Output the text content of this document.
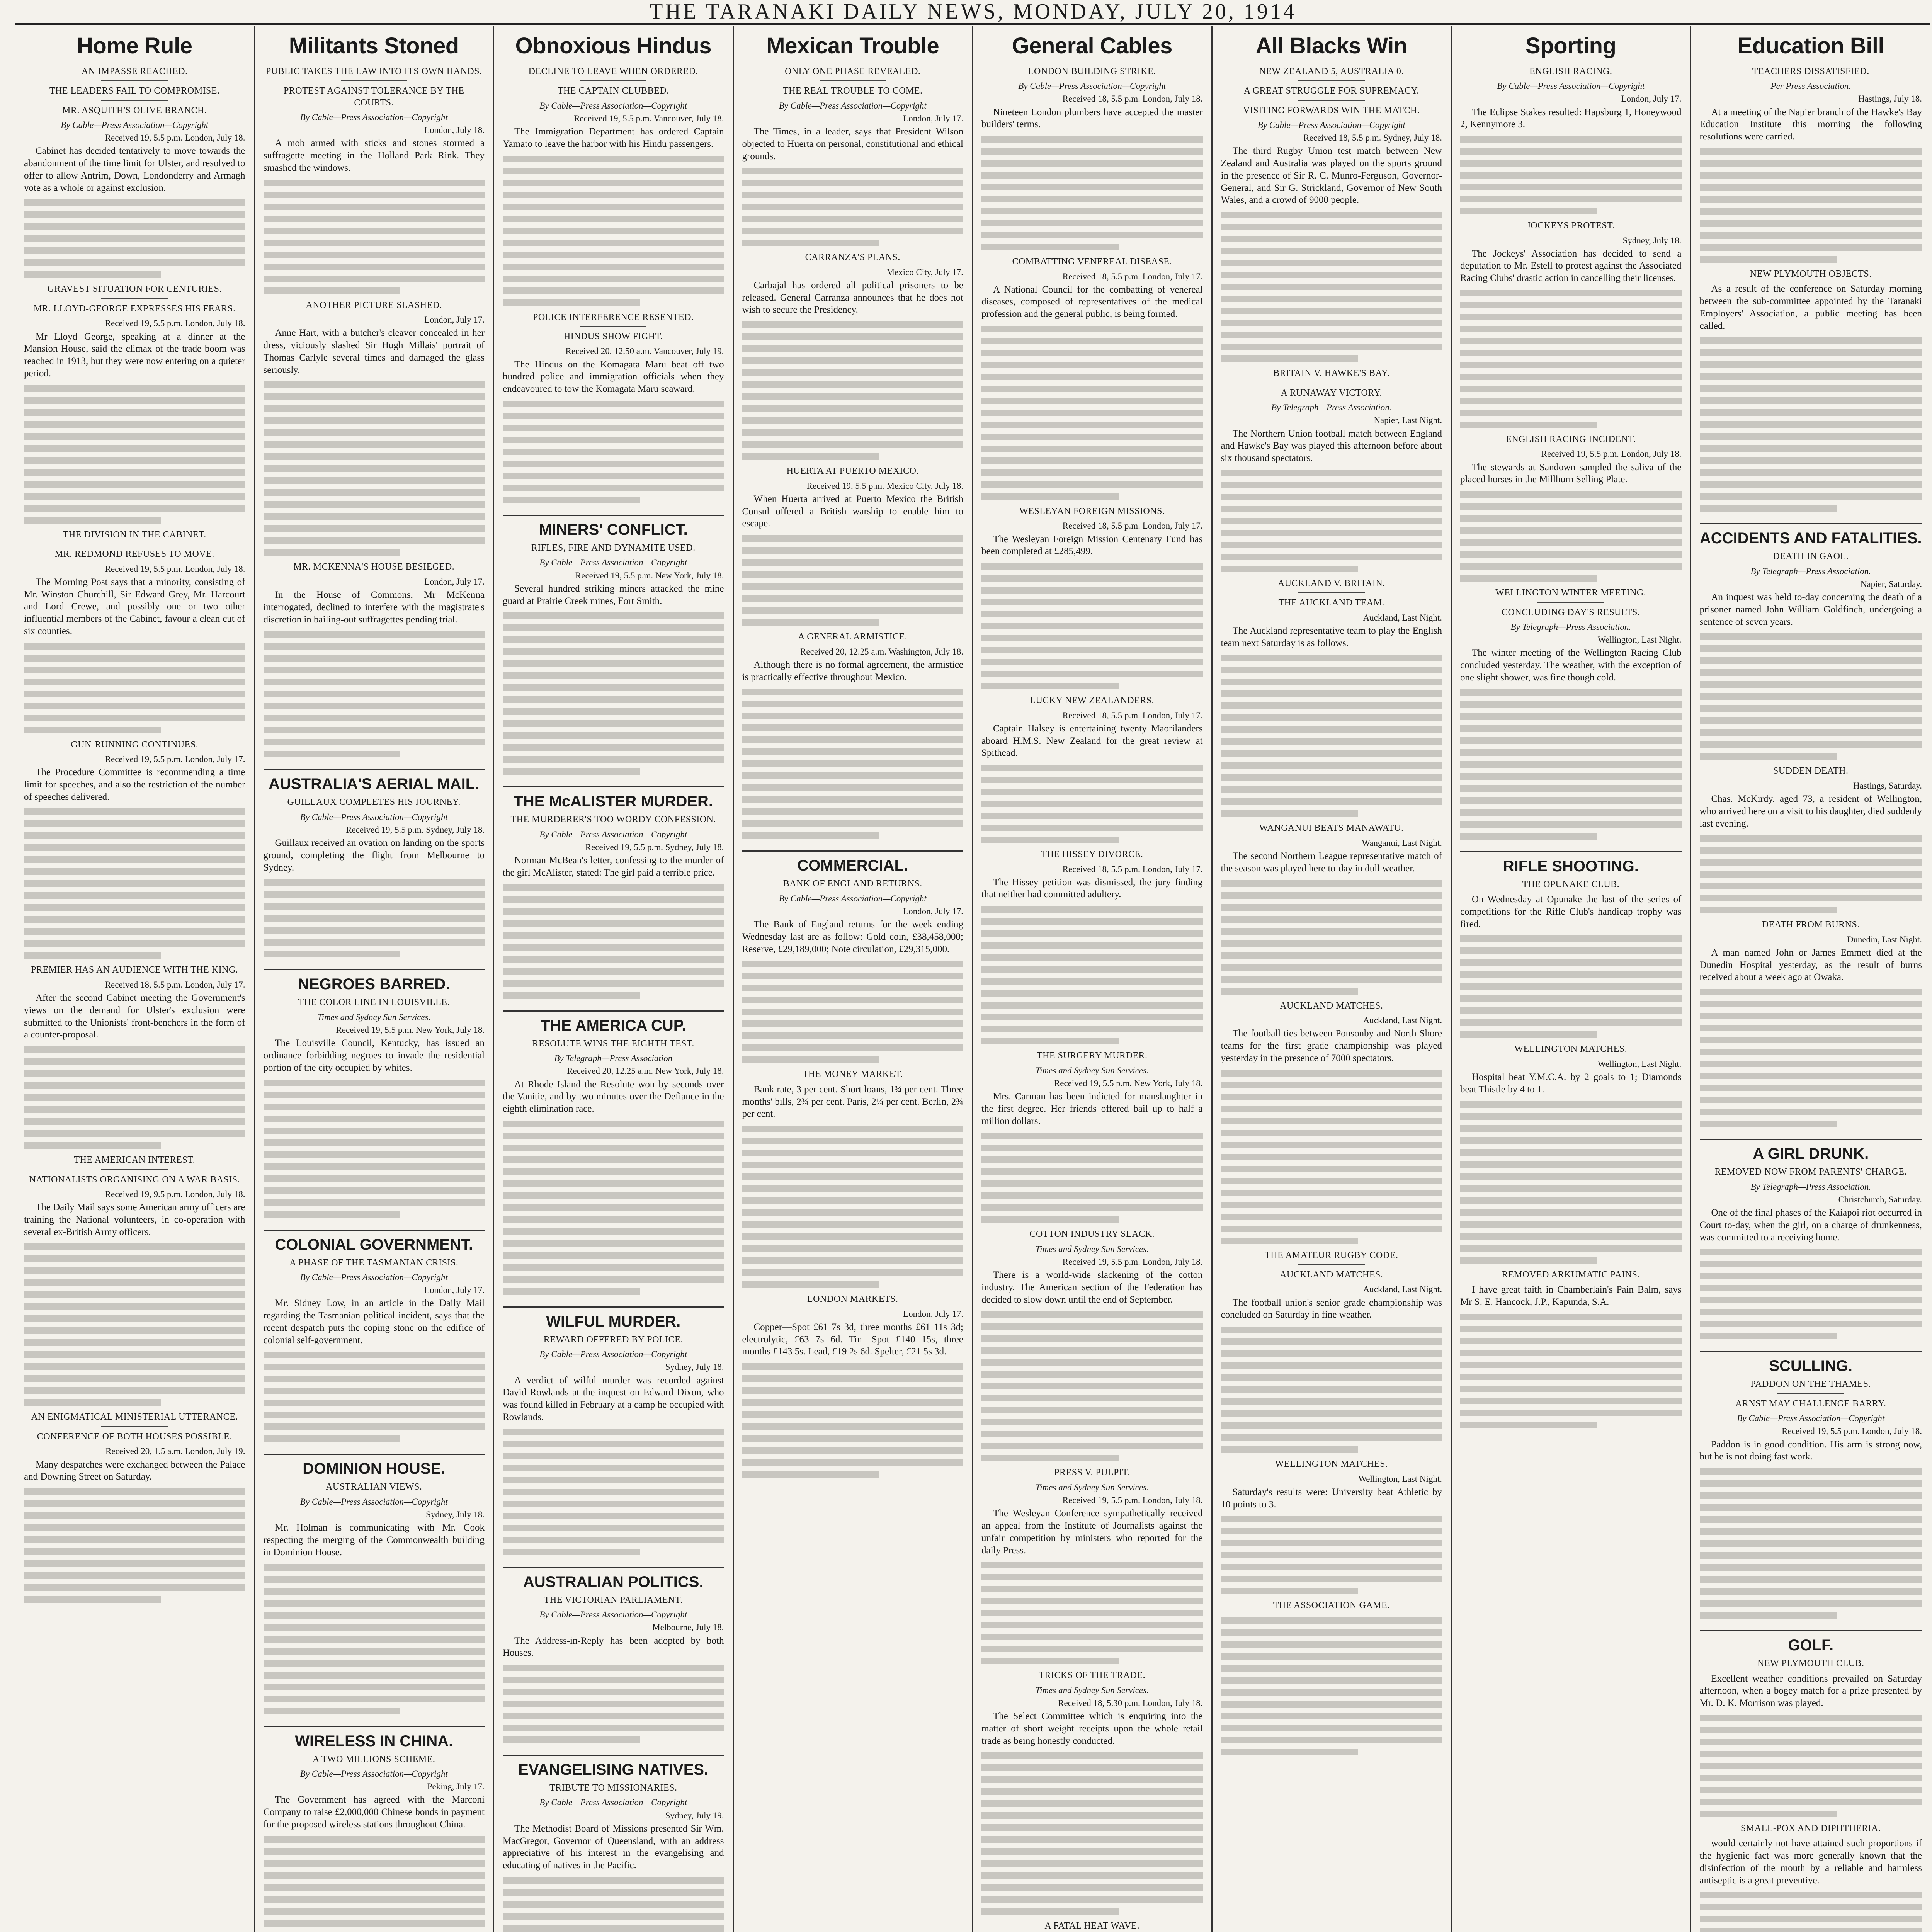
THE TARANAKI DAILY NEWS, MONDAY, JULY 20, 1914
Home Rule
AN IMPASSE REACHED.
THE LEADERS FAIL TO COMPROMISE.
MR. ASQUITH'S OLIVE BRANCH.
By Cable—Press Association—Copyright
Received 19, 5.5 p.m. London, July 18.
Cabinet has decided tentatively to move towards the abandonment of the time limit for Ulster, and resolved to offer to allow Antrim, Down, Londonderry and Armagh vote as a whole or against exclusion.
GRAVEST SITUATION FOR CENTURIES.
MR. LLOYD-GEORGE EXPRESSES HIS FEARS.
Received 19, 5.5 p.m. London, July 18.
Mr Lloyd George, speaking at a dinner at the Mansion House, said the climax of the trade boom was reached in 1913, but they were now entering on a quieter period.
THE DIVISION IN THE CABINET.
MR. REDMOND REFUSES TO MOVE.
Received 19, 5.5 p.m. London, July 18.
The Morning Post says that a minority, consisting of Mr. Winston Churchill, Sir Edward Grey, Mr. Harcourt and Lord Crewe, and possibly one or two other influential members of the Cabinet, favour a clean cut of six counties.
GUN-RUNNING CONTINUES.
Received 19, 5.5 p.m. London, July 17.
The Procedure Committee is recommending a time limit for speeches, and also the restriction of the number of speeches delivered.
PREMIER HAS AN AUDIENCE WITH THE KING.
Received 18, 5.5 p.m. London, July 17.
After the second Cabinet meeting the Government's views on the demand for Ulster's exclusion were submitted to the Unionists' front-benchers in the form of a counter-proposal.
THE AMERICAN INTEREST.
NATIONALISTS ORGANISING ON A WAR BASIS.
Received 19, 9.5 p.m. London, July 18.
The Daily Mail says some American army officers are training the National volunteers, in co-operation with several ex-British Army officers.
AN ENIGMATICAL MINISTERIAL UTTERANCE.
CONFERENCE OF BOTH HOUSES POSSIBLE.
Received 20, 1.5 a.m. London, July 19.
Many despatches were exchanged between the Palace and Downing Street on Saturday.
Militants Stoned
PUBLIC TAKES THE LAW INTO ITS OWN HANDS.
PROTEST AGAINST TOLERANCE BY THE COURTS.
By Cable—Press Association—Copyright
London, July 18.
A mob armed with sticks and stones stormed a suffragette meeting in the Holland Park Rink. They smashed the windows.
ANOTHER PICTURE SLASHED.
London, July 17.
Anne Hart, with a butcher's cleaver concealed in her dress, viciously slashed Sir Hugh Millais' portrait of Thomas Carlyle several times and damaged the glass seriously.
MR. MCKENNA'S HOUSE BESIEGED.
London, July 17.
In the House of Commons, Mr McKenna interrogated, declined to interfere with the magistrate's discretion in bailing-out suffragettes pending trial.
AUSTRALIA'S AERIAL MAIL.
GUILLAUX COMPLETES HIS JOURNEY.
By Cable—Press Association—Copyright
Received 19, 5.5 p.m. Sydney, July 18.
Guillaux received an ovation on landing on the sports ground, completing the flight from Melbourne to Sydney.
NEGROES BARRED.
THE COLOR LINE IN LOUISVILLE.
Times and Sydney Sun Services.
Received 19, 5.5 p.m. New York, July 18.
The Louisville Council, Kentucky, has issued an ordinance forbidding negroes to invade the residential portion of the city occupied by whites.
COLONIAL GOVERNMENT.
A PHASE OF THE TASMANIAN CRISIS.
By Cable—Press Association—Copyright
London, July 17.
Mr. Sidney Low, in an article in the Daily Mail regarding the Tasmanian political incident, says that the recent despatch puts the coping stone on the edifice of colonial self-government.
DOMINION HOUSE.
AUSTRALIAN VIEWS.
By Cable—Press Association—Copyright
Sydney, July 18.
Mr. Holman is communicating with Mr. Cook respecting the merging of the Commonwealth building in Dominion House.
WIRELESS IN CHINA.
A TWO MILLIONS SCHEME.
By Cable—Press Association—Copyright
Peking, July 17.
The Government has agreed with the Marconi Company to raise £2,000,000 Chinese bonds in payment for the proposed wireless stations throughout China.
Obnoxious Hindus
DECLINE TO LEAVE WHEN ORDERED.
THE CAPTAIN CLUBBED.
By Cable—Press Association—Copyright
Received 19, 5.5 p.m. Vancouver, July 18.
The Immigration Department has ordered Captain Yamato to leave the harbor with his Hindu passengers.
POLICE INTERFERENCE RESENTED.
HINDUS SHOW FIGHT.
Received 20, 12.50 a.m. Vancouver, July 19.
The Hindus on the Komagata Maru beat off two hundred police and immigration officials when they endeavoured to tow the Komagata Maru seaward.
MINERS' CONFLICT.
RIFLES, FIRE AND DYNAMITE USED.
By Cable—Press Association—Copyright
Received 19, 5.5 p.m. New York, July 18.
Several hundred striking miners attacked the mine guard at Prairie Creek mines, Fort Smith.
THE McALISTER MURDER.
THE MURDERER'S TOO WORDY CONFESSION.
By Cable—Press Association—Copyright
Received 19, 5.5 p.m. Sydney, July 18.
Norman McBean's letter, confessing to the murder of the girl McAlister, stated: The girl paid a terrible price.
THE AMERICA CUP.
RESOLUTE WINS THE EIGHTH TEST.
By Telegraph—Press Association
Received 20, 12.25 a.m. New York, July 18.
At Rhode Island the Resolute won by seconds over the Vanitie, and by two minutes over the Defiance in the eighth elimination race.
WILFUL MURDER.
REWARD OFFERED BY POLICE.
By Cable—Press Association—Copyright
Sydney, July 18.
A verdict of wilful murder was recorded against David Rowlands at the inquest on Edward Dixon, who was found killed in February at a camp he occupied with Rowlands.
AUSTRALIAN POLITICS.
THE VICTORIAN PARLIAMENT.
By Cable—Press Association—Copyright
Melbourne, July 18.
The Address-in-Reply has been adopted by both Houses.
EVANGELISING NATIVES.
TRIBUTE TO MISSIONARIES.
By Cable—Press Association—Copyright
Sydney, July 19.
The Methodist Board of Missions presented Sir Wm. MacGregor, Governor of Queensland, with an address appreciative of his interest in the evangelising and educating of natives in the Pacific.
Mexican Trouble
ONLY ONE PHASE REVEALED.
THE REAL TROUBLE TO COME.
By Cable—Press Association—Copyright
London, July 17.
The Times, in a leader, says that President Wilson objected to Huerta on personal, constitutional and ethical grounds.
CARRANZA'S PLANS.
Mexico City, July 17.
Carbajal has ordered all political prisoners to be released. General Carranza announces that he does not wish to secure the Presidency.
HUERTA AT PUERTO MEXICO.
Received 19, 5.5 p.m. Mexico City, July 18.
When Huerta arrived at Puerto Mexico the British Consul offered a British warship to enable him to escape.
A GENERAL ARMISTICE.
Received 20, 12.25 a.m. Washington, July 18.
Although there is no formal agreement, the armistice is practically effective throughout Mexico.
COMMERCIAL.
BANK OF ENGLAND RETURNS.
By Cable—Press Association—Copyright
London, July 17.
The Bank of England returns for the week ending Wednesday last are as follow: Gold coin, £38,458,000; Reserve, £29,189,000; Note circulation, £29,315,000.
THE MONEY MARKET.
Bank rate, 3 per cent. Short loans, 1¾ per cent. Three months' bills, 2¾ per cent. Paris, 2¼ per cent. Berlin, 2¾ per cent.
LONDON MARKETS.
London, July 17.
Copper—Spot £61 7s 3d, three months £61 11s 3d; electrolytic, £63 7s 6d. Tin—Spot £140 15s, three months £143 5s. Lead, £19 2s 6d. Spelter, £21 5s 3d.
General Cables
LONDON BUILDING STRIKE.
By Cable—Press Association—Copyright
Received 18, 5.5 p.m. London, July 18.
Nineteen London plumbers have accepted the master builders' terms.
COMBATTING VENEREAL DISEASE.
Received 18, 5.5 p.m. London, July 17.
A National Council for the combatting of venereal diseases, composed of representatives of the medical profession and the general public, is being formed.
WESLEYAN FOREIGN MISSIONS.
Received 18, 5.5 p.m. London, July 17.
The Wesleyan Foreign Mission Centenary Fund has been completed at £285,499.
LUCKY NEW ZEALANDERS.
Received 18, 5.5 p.m. London, July 17.
Captain Halsey is entertaining twenty Maorilanders aboard H.M.S. New Zealand for the great review at Spithead.
THE HISSEY DIVORCE.
Received 18, 5.5 p.m. London, July 17.
The Hissey petition was dismissed, the jury finding that neither had committed adultery.
THE SURGERY MURDER.
Times and Sydney Sun Services.
Received 19, 5.5 p.m. New York, July 18.
Mrs. Carman has been indicted for manslaughter in the first degree. Her friends offered bail up to half a million dollars.
COTTON INDUSTRY SLACK.
Times and Sydney Sun Services.
Received 19, 5.5 p.m. London, July 18.
There is a world-wide slackening of the cotton industry. The American section of the Federation has decided to slow down until the end of September.
PRESS V. PULPIT.
Times and Sydney Sun Services.
Received 19, 5.5 p.m. London, July 18.
The Wesleyan Conference sympathetically received an appeal from the Institute of Journalists against the unfair competition by ministers who reported for the daily Press.
TRICKS OF THE TRADE.
Times and Sydney Sun Services.
Received 18, 5.30 p.m. London, July 18.
The Select Committee which is enquiring into the matter of short weight receipts upon the whole retail trade as being honestly conducted.
A FATAL HEAT WAVE.
All Blacks Win
NEW ZEALAND 5, AUSTRALIA 0.
A GREAT STRUGGLE FOR SUPREMACY.
VISITING FORWARDS WIN THE MATCH.
By Cable—Press Association—Copyright
Received 18, 5.5 p.m. Sydney, July 18.
The third Rugby Union test match between New Zealand and Australia was played on the sports ground in the presence of Sir R. C. Munro-Ferguson, Governor-General, and Sir G. Strickland, Governor of New South Wales, and a crowd of 9000 people.
BRITAIN V. HAWKE'S BAY.
A RUNAWAY VICTORY.
By Telegraph—Press Association.
Napier, Last Night.
The Northern Union football match between England and Hawke's Bay was played this afternoon before about six thousand spectators.
AUCKLAND V. BRITAIN.
THE AUCKLAND TEAM.
Auckland, Last Night.
The Auckland representative team to play the English team next Saturday is as follows.
WANGANUI BEATS MANAWATU.
Wanganui, Last Night.
The second Northern League representative match of the season was played here to-day in dull weather.
AUCKLAND MATCHES.
Auckland, Last Night.
The football ties between Ponsonby and North Shore teams for the first grade championship was played yesterday in the presence of 7000 spectators.
THE AMATEUR RUGBY CODE.
AUCKLAND MATCHES.
Auckland, Last Night.
The football union's senior grade championship was concluded on Saturday in fine weather.
WELLINGTON MATCHES.
Wellington, Last Night.
Saturday's results were: University beat Athletic by 10 points to 3.
THE ASSOCIATION GAME.
Sporting
ENGLISH RACING.
By Cable—Press Association—Copyright
London, July 17.
The Eclipse Stakes resulted: Hapsburg 1, Honeywood 2, Kennymore 3.
JOCKEYS PROTEST.
Sydney, July 18.
The Jockeys' Association has decided to send a deputation to Mr. Estell to protest against the Associated Racing Clubs' drastic action in cancelling their licenses.
ENGLISH RACING INCIDENT.
Received 19, 5.5 p.m. London, July 18.
The stewards at Sandown sampled the saliva of the placed horses in the Millhurn Selling Plate.
WELLINGTON WINTER MEETING.
CONCLUDING DAY'S RESULTS.
By Telegraph—Press Association.
Wellington, Last Night.
The winter meeting of the Wellington Racing Club concluded yesterday. The weather, with the exception of one slight shower, was fine though cold.
RIFLE SHOOTING.
THE OPUNAKE CLUB.
On Wednesday at Opunake the last of the series of competitions for the Rifle Club's handicap trophy was fired.
WELLINGTON MATCHES.
Wellington, Last Night.
Hospital beat Y.M.C.A. by 2 goals to 1; Diamonds beat Thistle by 4 to 1.
REMOVED ARKUMATIC PAINS.
I have great faith in Chamberlain's Pain Balm, says Mr S. E. Hancock, J.P., Kapunda, S.A.
Education Bill
TEACHERS DISSATISFIED.
Per Press Association.
Hastings, July 18.
At a meeting of the Napier branch of the Hawke's Bay Education Institute this morning the following resolutions were carried.
NEW PLYMOUTH OBJECTS.
As a result of the conference on Saturday morning between the sub-committee appointed by the Taranaki Employers' Association, a public meeting has been called.
ACCIDENTS AND FATALITIES.
DEATH IN GAOL.
By Telegraph—Press Association.
Napier, Saturday.
An inquest was held to-day concerning the death of a prisoner named John William Goldfinch, undergoing a sentence of seven years.
SUDDEN DEATH.
Hastings, Saturday.
Chas. McKirdy, aged 73, a resident of Wellington, who arrived here on a visit to his daughter, died suddenly last evening.
DEATH FROM BURNS.
Dunedin, Last Night.
A man named John or James Emmett died at the Dunedin Hospital yesterday, as the result of burns received about a week ago at Owaka.
A GIRL DRUNK.
REMOVED NOW FROM PARENTS' CHARGE.
By Telegraph—Press Association.
Christchurch, Saturday.
One of the final phases of the Kaiapoi riot occurred in Court to-day, when the girl, on a charge of drunkenness, was committed to a receiving home.
SCULLING.
PADDON ON THE THAMES.
ARNST MAY CHALLENGE BARRY.
By Cable—Press Association—Copyright
Received 19, 5.5 p.m. London, July 18.
Paddon is in good condition. His arm is strong now, but he is not doing fast work.
GOLF.
NEW PLYMOUTH CLUB.
Excellent weather conditions prevailed on Saturday afternoon, when a bogey match for a prize presented by Mr. D. K. Morrison was played.
SMALL-POX AND DIPHTHERIA.
would certainly not have attained such proportions if the hygienic fact was more generally known that the disinfection of the mouth by a reliable and harmless antiseptic is a great preventive.
